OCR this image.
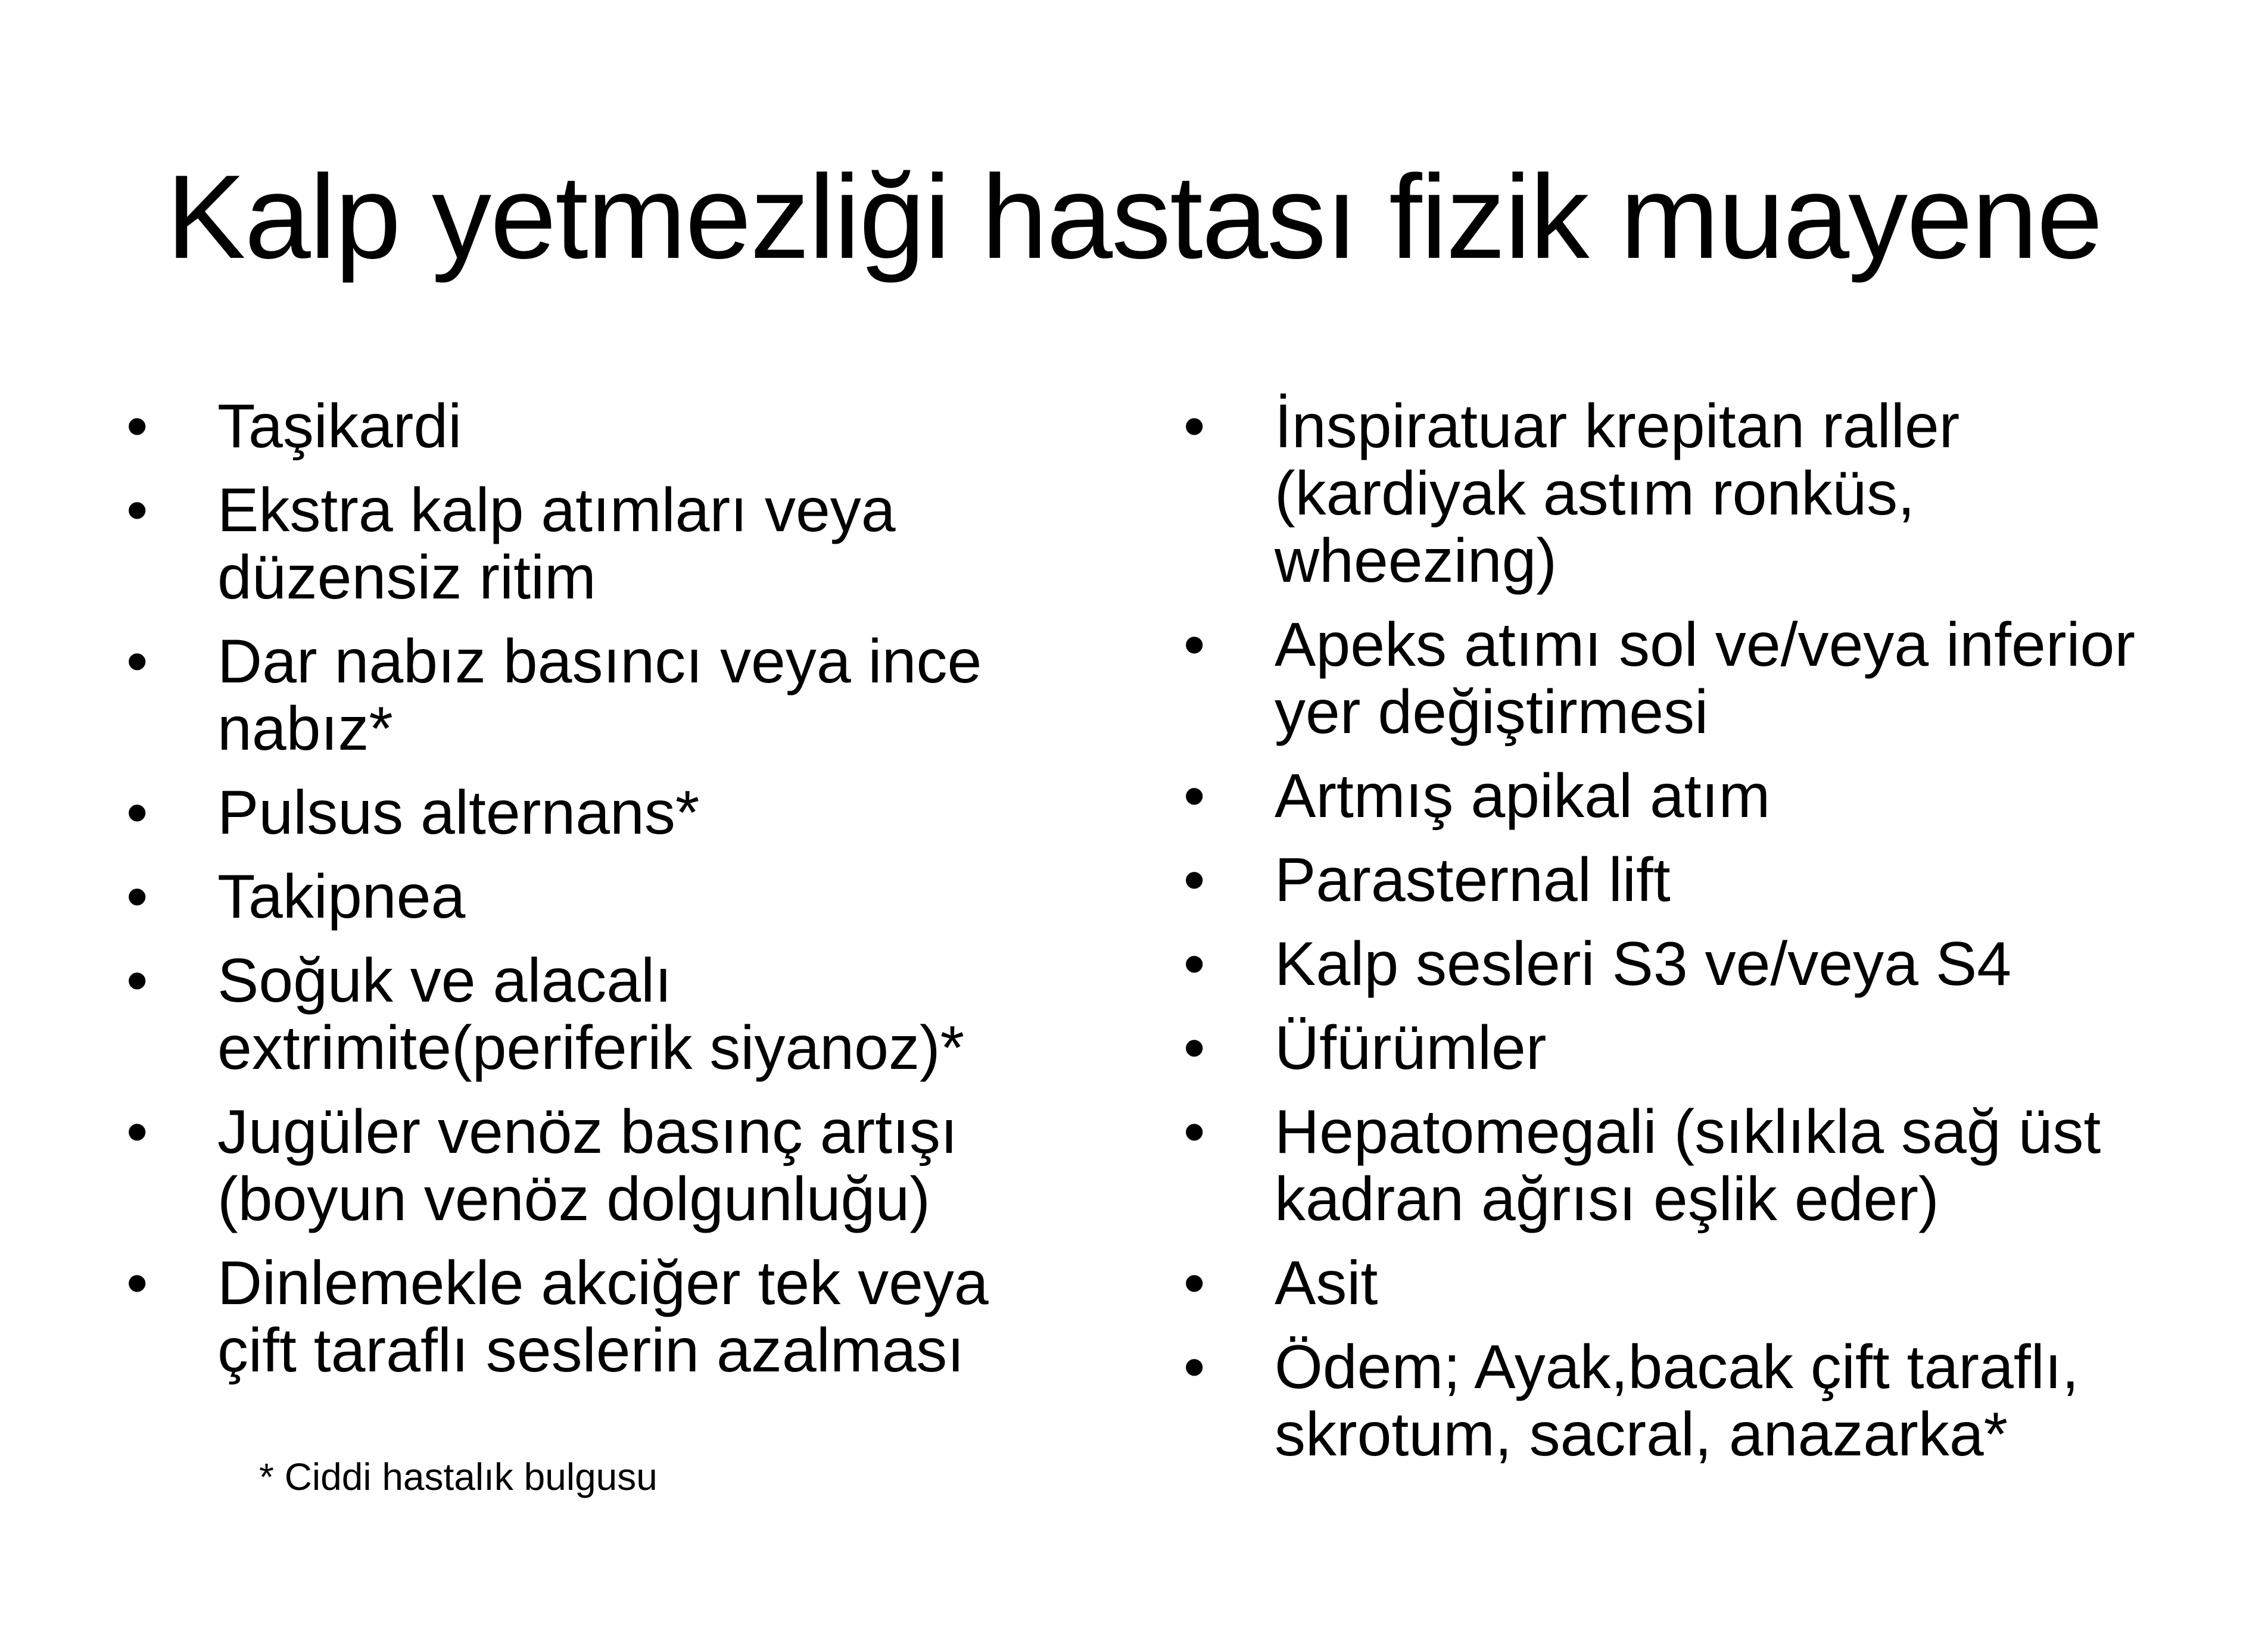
Kalp yetmezliği hastası fizik muayene
• Taşikardi
• Ekstra kalp atımları veya düzensiz ritim
• Dar nabız basıncı veya ince nabız*
• Pulsus alternans*
• Takipnea
• Soğuk ve alacalı extrimite(periferik siyanoz)*
• Jugüler venöz basınç artışı (boyun venöz dolgunluğu)
• Dinlemekle akciğer tek veya çift taraflı seslerin azalması
• İnspiratuar krepitan raller (kardiyak astım ronküs, wheezing)
• Apeks atımı sol ve/veya inferior yer değiştirmesi
• Artmış apikal atım
• Parasternal lift
• Kalp sesleri S3 ve/veya S4
• Üfürümler
• Hepatomegali (sıklıkla sağ üst kadran ağrısı eşlik eder)
• Asit
• Ödem; Ayak,bacak çift taraflı, skrotum, sacral, anazarka*

* Ciddi hastalık bulgusu
